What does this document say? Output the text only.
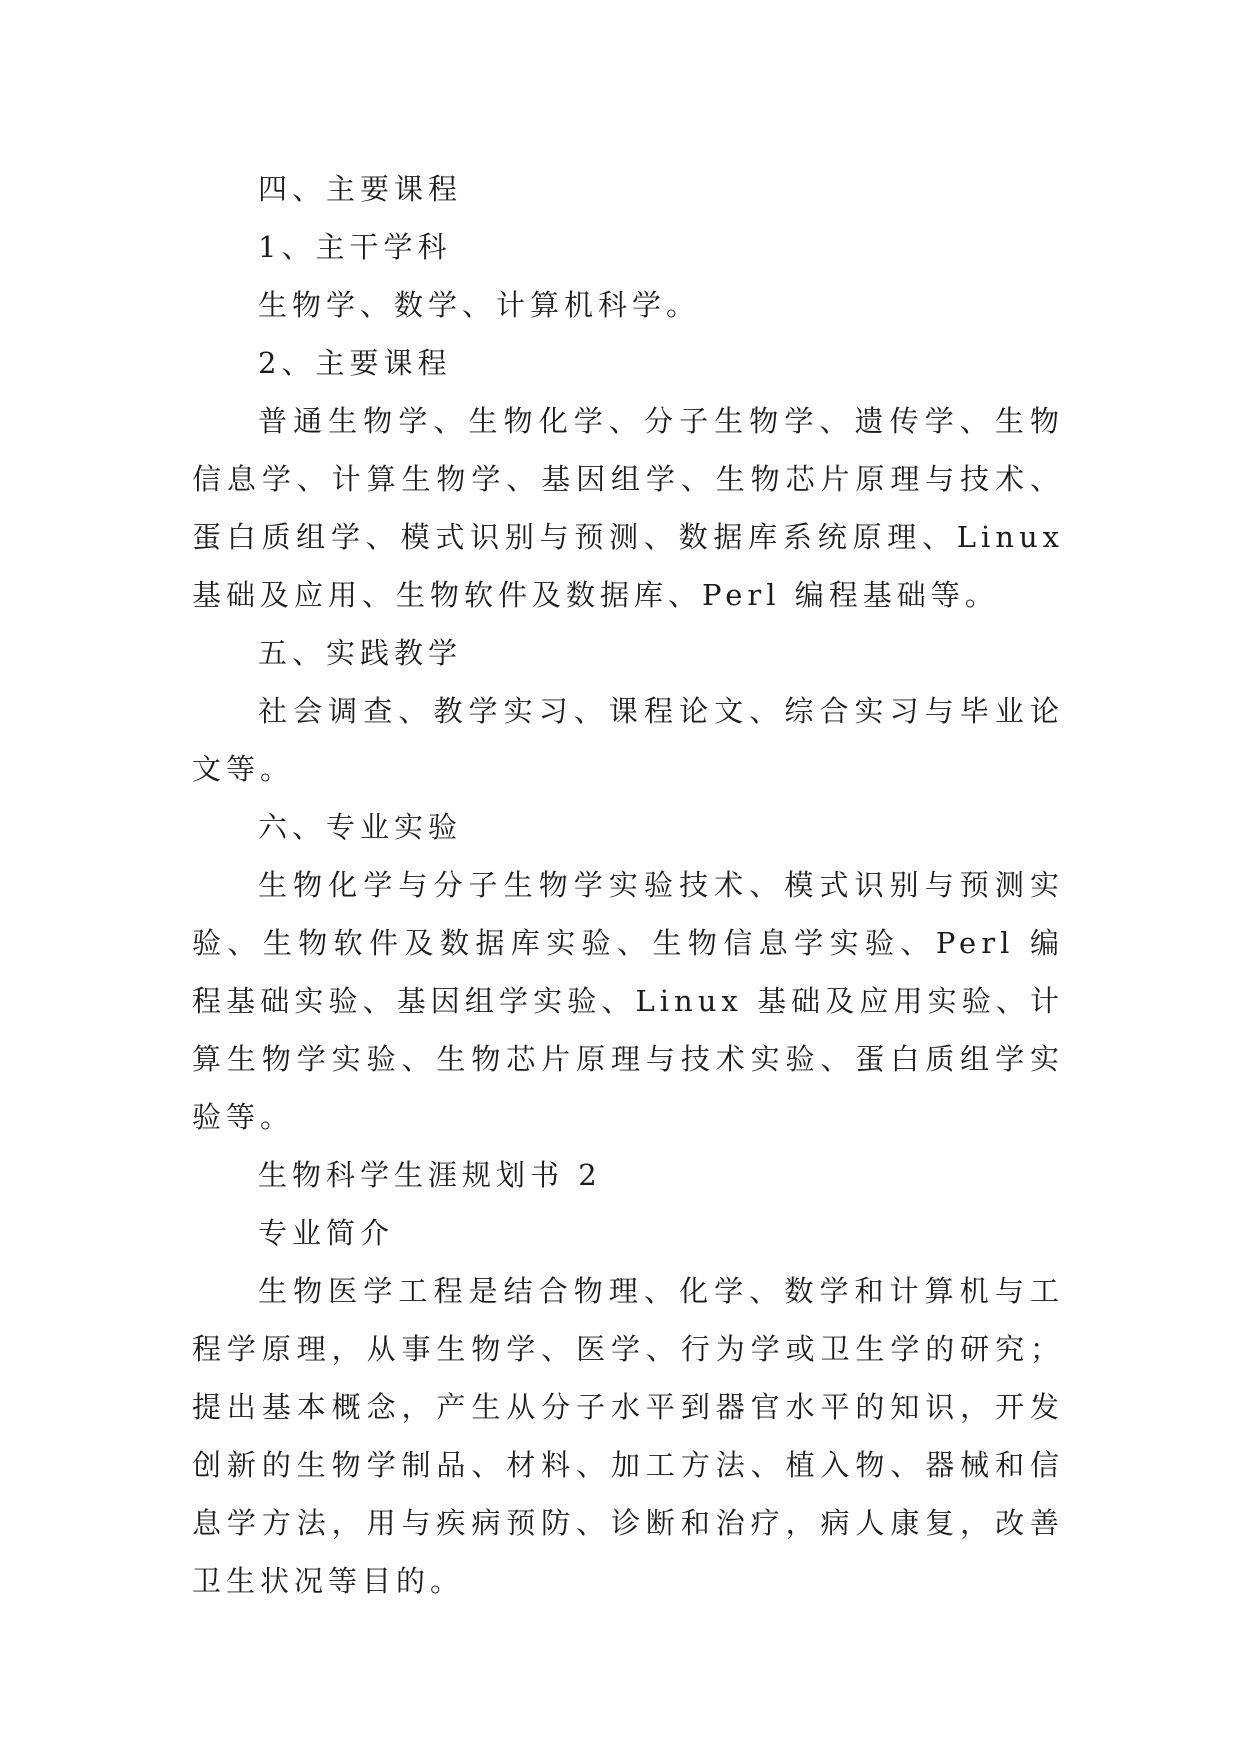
四、主要课程

1、主干学科

生物学、数学、计算机科学。

2、主要课程

普通生物学、生物化学、分子生物学、遗传学、生物信息学、计算生物学、基因组学、生物芯片原理与技术、蛋白质组学、模式识别与预测、数据库系统原理、Linux 基础及应用、生物软件及数据库、Perl 编程基础等。

五、实践教学

社会调查、教学实习、课程论文、综合实习与毕业论文等。

六、专业实验

生物化学与分子生物学实验技术、模式识别与预测实验、生物软件及数据库实验、生物信息学实验、Perl 编程基础实验、基因组学实验、Linux 基础及应用实验、计算生物学实验、生物芯片原理与技术实验、蛋白质组学实验等。

生物科学生涯规划书 2

专业简介

生物医学工程是结合物理、化学、数学和计算机与工程学原理，从事生物学、医学、行为学或卫生学的研究；提出基本概念，产生从分子水平到器官水平的知识，开发创新的生物学制品、材料、加工方法、植入物、器械和信息学方法，用与疾病预防、诊断和治疗，病人康复，改善卫生状况等目的。
